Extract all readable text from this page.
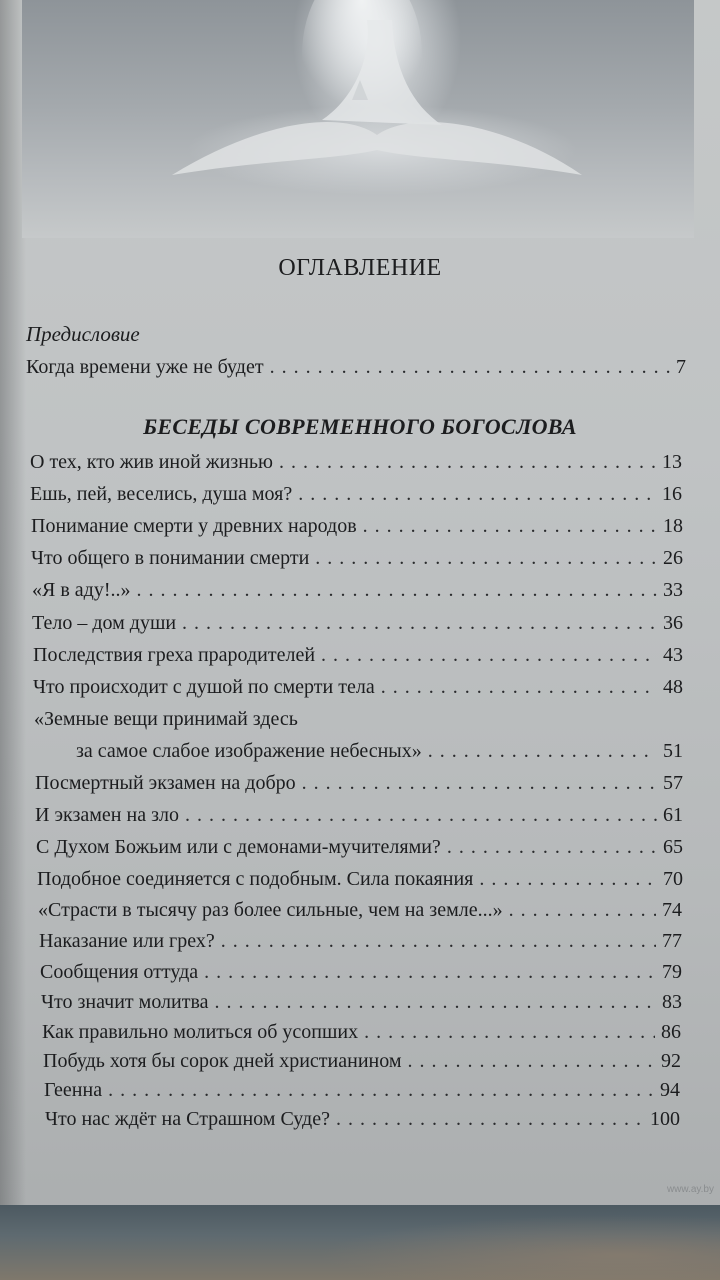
ОГЛАВЛЕНИЕ
Предисловие
Когда времени уже не будет . . .	7
БЕСЕДЫ СОВРЕМЕННОГО БОГОСЛОВА
О тех, кто жив иной жизнью . . .	13
Ешь, пей, веселись, душа моя? . . .	16
Понимание смерти у древних народов . . .	18
Что общего в понимании смерти . . .	26
«Я в аду!..» . . .	33
Тело – дом души . . .	36
Последствия греха прародителей . . .	43
Что происходит с душой по смерти тела . . .	48
«Земные вещи принимай здесь
за самое слабое изображение небесных» . . .	51
Посмертный экзамен на добро . . .	57
И экзамен на зло . . .	61
С Духом Божьим или с демонами-мучителями? . . .	65
Подобное соединяется с подобным. Сила покаяния . . .	70
«Страсти в тысячу раз более сильные, чем на земле...» . . .	74
Наказание или грех? . . .	77
Сообщения оттуда . . .	79
Что значит молитва . . .	83
Как правильно молиться об усопших . . .	86
Побудь хотя бы сорок дней христианином . . .	92
Геенна . . .	94
Что нас ждёт на Страшном Суде? . . .	100
www.ay.by
